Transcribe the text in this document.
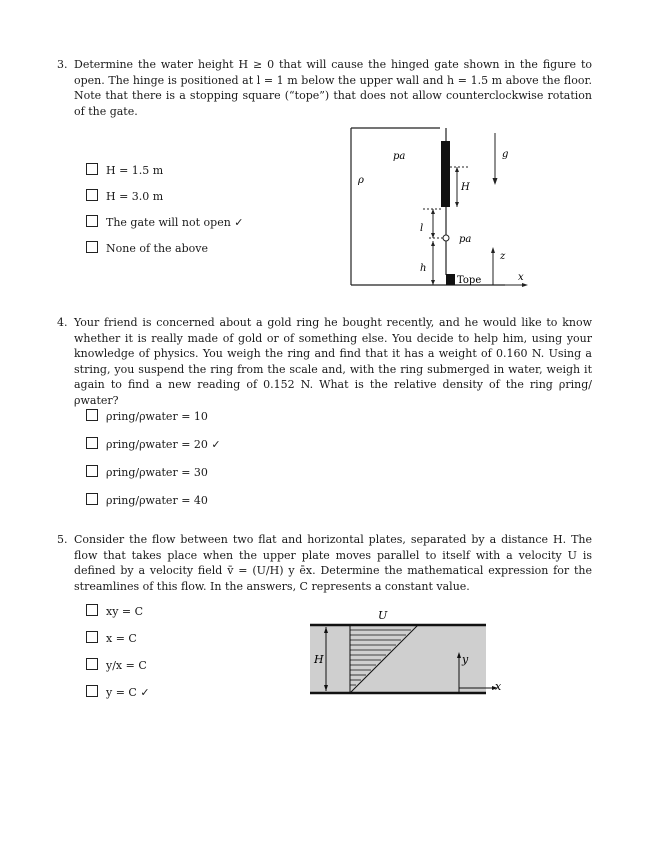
3. Determine the water height H ≥ 0 that will cause the hinged gate shown in the figure to open. The hinge is positioned at l = 1 m below the upper wall and h = 1.5 m above the floor. Note that there is a stopping square (“tope”) that does not allow counterclockwise rotation of the gate.
H = 1.5 m
H = 3.0 m
The gate will not open ✓
None of the above
pa
ρ
H
l
pa
h
Tope
g
z
x
4. Your friend is concerned about a gold ring he bought recently, and he would like to know whether it is really made of gold or of something else. You decide to help him, using your knowledge of physics. You weigh the ring and find that it has a weight of 0.160 N. Using a string, you suspend the ring from the scale and, with the ring submerged in water, weigh it again to find a new reading of 0.152 N. What is the relative density of the ring ρring/ρwater?
ρring/ρwater = 10
ρring/ρwater = 20 ✓
ρring/ρwater = 30
ρring/ρwater = 40
5. Consider the flow between two flat and horizontal plates, separated by a distance H. The flow that takes place when the upper plate moves parallel to itself with a velocity U is defined by a velocity field v̄ = (U/H) y ēx. Determine the mathematical expression for the streamlines of this flow. In the answers, C represents a constant value.
xy = C
x = C
y/x = C
y = C ✓
U
H	y
x
